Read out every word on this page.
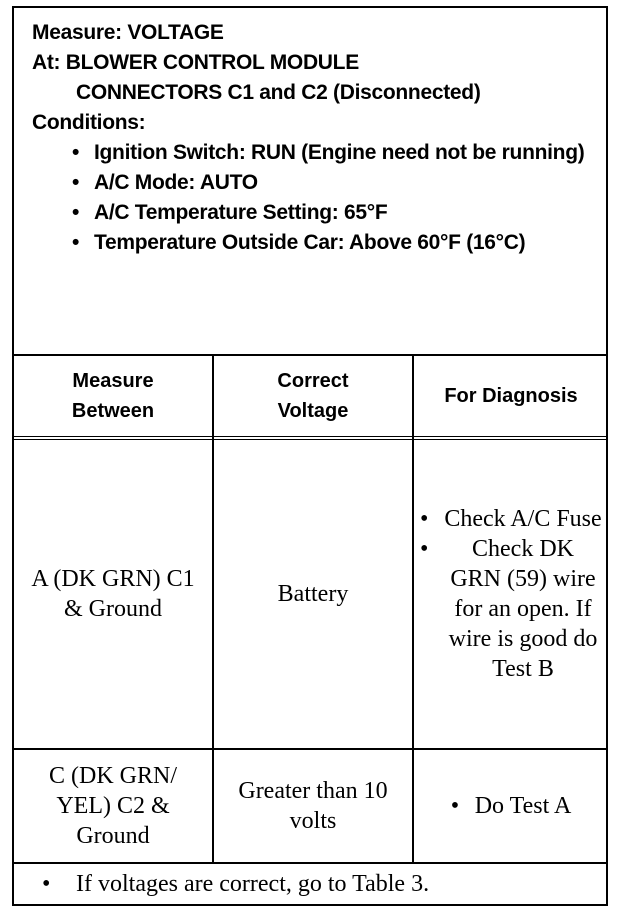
Measure: VOLTAGE
At: BLOWER CONTROL MODULE
CONNECTORS C1 and C2 (Disconnected)
Conditions:
• Ignition Switch: RUN (Engine need not be running)
• A/C Mode: AUTO
• A/C Temperature Setting: 65°F
• Temperature Outside Car: Above 60°F (16°C)
Measure Between
Correct Voltage
For Diagnosis
A (DK GRN) C1 & Ground
Battery
• Check A/C Fuse
• Check DK GRN (59) wire for an open. If wire is good do Test B
C (DK GRN/ YEL) C2 & Ground
Greater than 10 volts
• Do Test A
• If voltages are correct, go to Table 3.
